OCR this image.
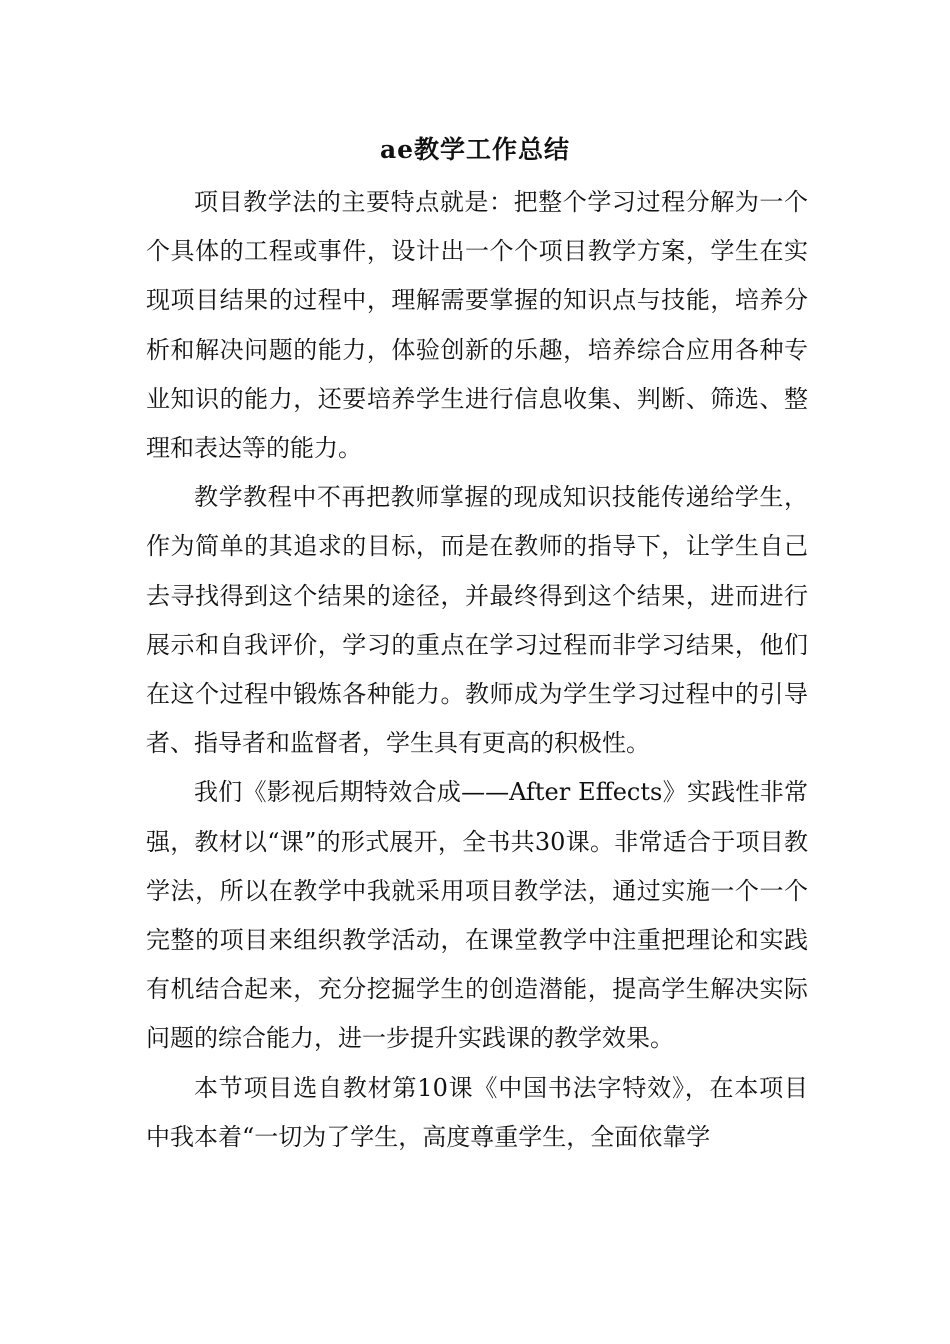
ae教学工作总结

项目教学法的主要特点就是：把整个学习过程分解为一个个具体的工程或事件，设计出一个个项目教学方案，学生在实现项目结果的过程中，理解需要掌握的知识点与技能，培养分析和解决问题的能力，体验创新的乐趣，培养综合应用各种专业知识的能力，还要培养学生进行信息收集、判断、筛选、整理和表达等的能力。

教学教程中不再把教师掌握的现成知识技能传递给学生，作为简单的其追求的目标，而是在教师的指导下，让学生自己去寻找得到这个结果的途径，并最终得到这个结果，进而进行展示和自我评价，学习的重点在学习过程而非学习结果，他们在这个过程中锻炼各种能力。教师成为学生学习过程中的引导者、指导者和监督者，学生具有更高的积极性。

我们《影视后期特效合成——After Effects》实践性非常强，教材以“课”的形式展开，全书共30课。非常适合于项目教学法，所以在教学中我就采用项目教学法，通过实施一个一个完整的项目来组织教学活动，在课堂教学中注重把理论和实践有机结合起来，充分挖掘学生的创造潜能，提高学生解决实际问题的综合能力，进一步提升实践课的教学效果。

本节项目选自教材第10课《中国书法字特效》，在本项目中我本着“一切为了学生，高度尊重学生，全面依靠学
